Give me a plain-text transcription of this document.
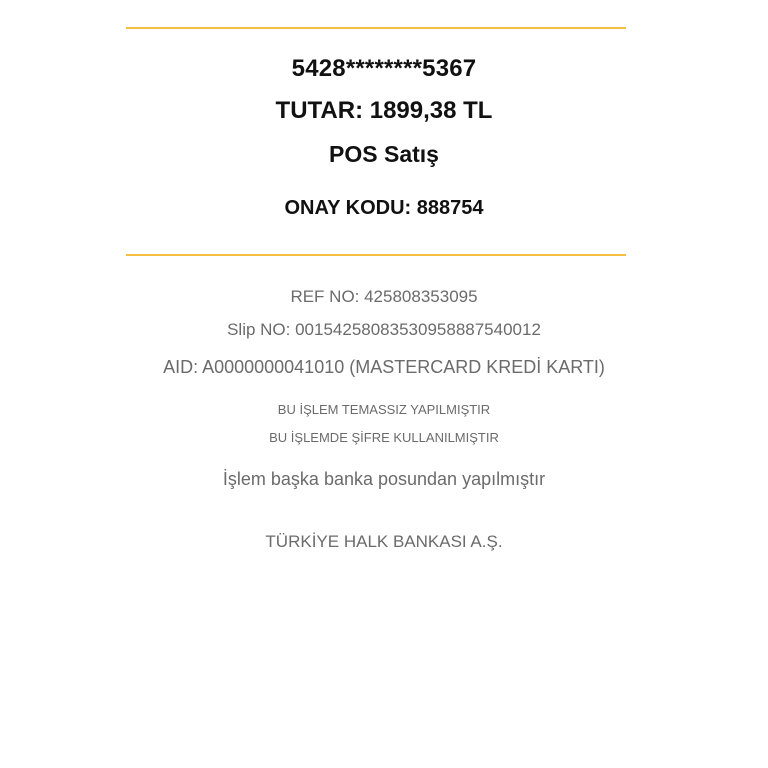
5428********5367
TUTAR: 1899,38 TL
POS Satış
ONAY KODU: 888754
REF NO: 425808353095
Slip NO: 0015425808353095888754001​2
AID: A0000000041010 (MASTERCARD KREDİ KARTI)
BU İŞLEM TEMASSIZ YAPILMIŞTIR
BU İŞLEMDE ŞİFRE KULLANILMIŞTIR
İşlem başka banka posundan yapılmıştır
TÜRKİYE HALK BANKASI A.Ş.
